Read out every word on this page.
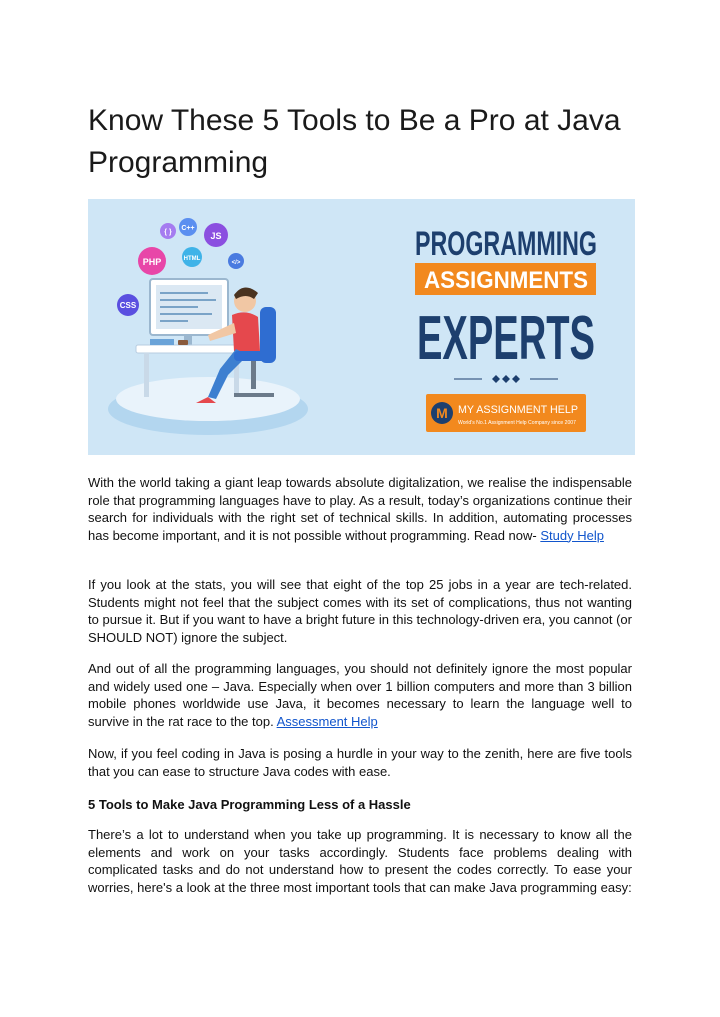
Know These 5 Tools to Be a Pro at Java Programming
PHP
JS
CSS
C++
HTML
{ }
</>	PROGRAMMING
ASSIGNMENTS
EXPERTS
M MY ASSIGNMENT HELP
World's No.1 Assignment Help Company since 2007

With the world taking a giant leap towards absolute digitalization, we realise the indispensable role that programming languages have to play. As a result, today’s organizations continue their search for individuals with the right set of technical skills. In addition, automating processes has become important, and it is not possible without programming. Read now- Study Help

If you look at the stats, you will see that eight of the top 25 jobs in a year are tech-related. Students might not feel that the subject comes with its set of complications, thus not wanting to pursue it. But if you want to have a bright future in this technology-driven era, you cannot (or SHOULD NOT) ignore the subject.

And out of all the programming languages, you should not definitely ignore the most popular and widely used one – Java. Especially when over 1 billion computers and more than 3 billion mobile phones worldwide use Java, it becomes necessary to learn the language well to survive in the rat race to the top. Assessment Help

Now, if you feel coding in Java is posing a hurdle in your way to the zenith, here are five tools that you can ease to structure Java codes with ease.

5 Tools to Make Java Programming Less of a Hassle

There’s a lot to understand when you take up programming. It is necessary to know all the elements and work on your tasks accordingly. Students face problems dealing with complicated tasks and do not understand how to present the codes correctly. To ease your worries, here's a look at the three most important tools that can make Java programming easy:
